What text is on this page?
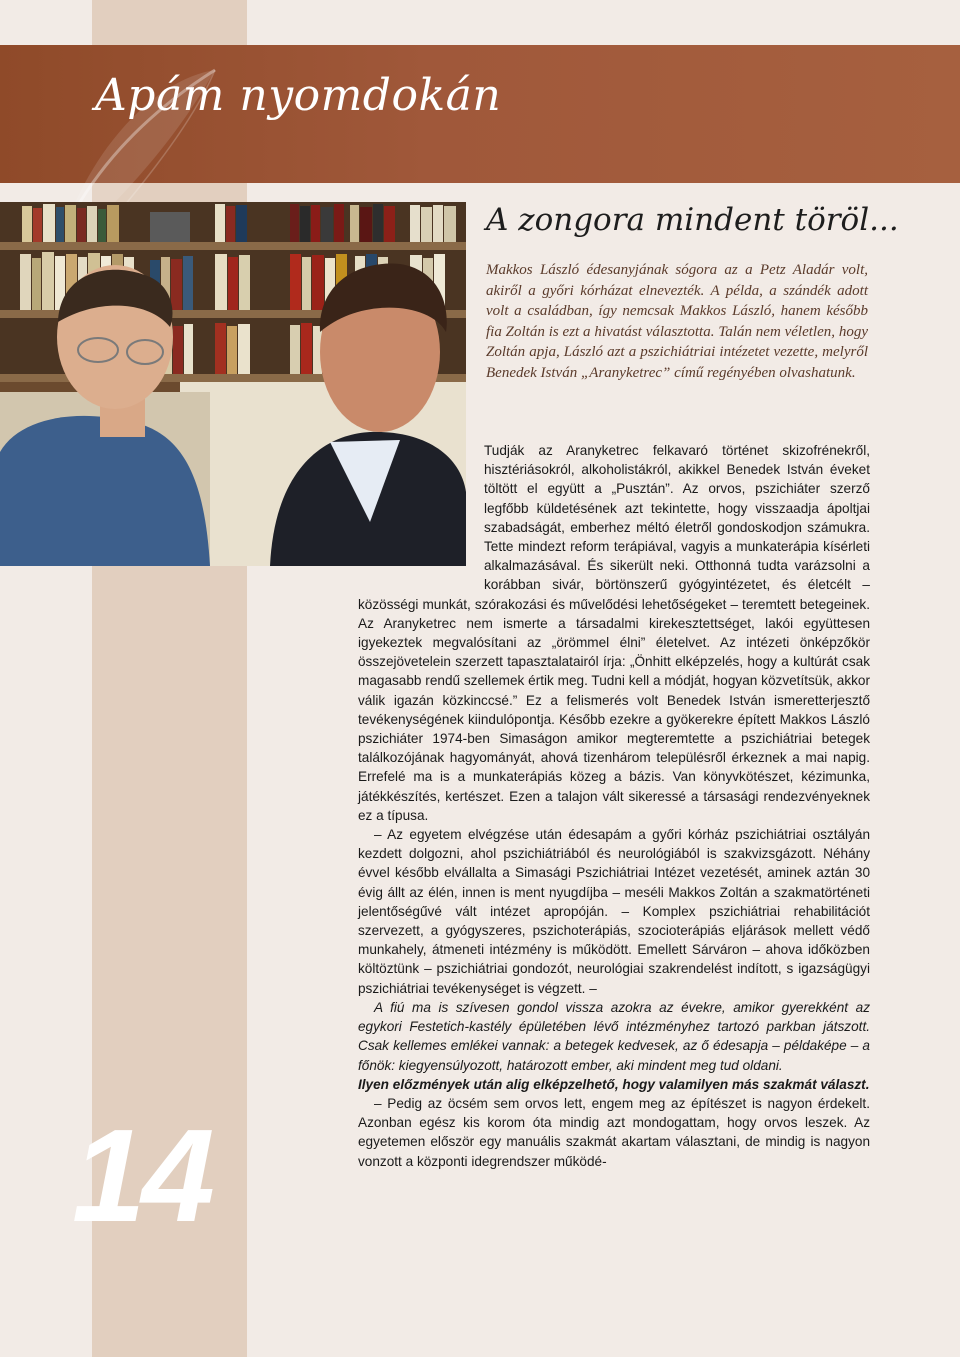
Apám nyomdokán
A zongora mindent töröl...

Makkos László édesanyjának sógora az a Petz Aladár volt, akiről a győri kórházat elnevezték. A példa, a szándék adott volt a családban, így nemcsak Makkos László, hanem később fia Zoltán is ezt a hivatást választotta. Talán nem véletlen, hogy Zoltán apja, László azt a pszichiátriai intézetet vezette, melyről Benedek István „Aranyketrec” című regényében olvashatunk.

Tudják az Aranyketrec felkavaró történet skizofrénekről, hisztériásokról, alkoholistákról, akikkel Benedek István éveket töltött el együtt a „Pusztán”. Az orvos, pszichiáter szerző legfőbb küldetésének azt tekintette, hogy visszaadja ápoltjai szabadságát, emberhez méltó életről gondoskodjon számukra. Tette mindezt reform terápiával, vagyis a munkaterápia kísérleti alkalmazásával. És sikerült neki. Otthonná tudta varázsolni a korábban sivár, börtönszerű gyógyintézetet, és életcélt – közösségi munkát, szórakozási és művelődési lehetőségeket – teremtett betegeinek. Az Aranyketrec nem ismerte a társadalmi kirekesztettséget, lakói együttesen igyekeztek megvalósítani az „örömmel élni” életelvet. Az intézeti önképzőkör összejövetelein szerzett tapasztalatairól írja: „Önhitt elképzelés, hogy a kultúrát csak magasabb rendű szellemek értik meg. Tudni kell a módját, hogyan közvetítsük, akkor válik igazán közkinccsé.” Ez a felismerés volt Benedek István ismeretterjesztő tevékenységének kiindulópontja. Később ezekre a gyökerekre épített Makkos László pszichiáter 1974-ben Simaságon amikor megteremtette a pszichiátriai betegek találkozójának hagyományát, ahová tizenhárom településről érkeznek a mai napig. Errefelé ma is a munkaterápiás közeg a bázis. Van könyvkötészet, kézimunka, játékkészítés, kertészet. Ezen a talajon vált sikeressé a társasági rendezvényeknek ez a típusa.

– Az egyetem elvégzése után édesapám a győri kórház pszichiátriai osztályán kezdett dolgozni, ahol pszichiátriából és neurológiából is szakvizsgázott. Néhány évvel később elvállalta a Simasági Pszichiátriai Intézet vezetését, aminek aztán 30 évig állt az élén, innen is ment nyugdíjba – meséli Makkos Zoltán a szakmatörténeti jelentőségűvé vált intézet apropóján. – Komplex pszichiátriai rehabilitációt szervezett, a gyógyszeres, pszichoterápiás, szocioterápiás eljárások mellett védő munkahely, átmeneti intézmény is működött. Emellett Sárváron – ahova időközben költöztünk – pszichiátriai gondozót, neurológiai szakrendelést indított, s igazságügyi pszichiátriai tevékenységet is végzett. –

A fiú ma is szívesen gondol vissza azokra az évekre, amikor gyerekként az egykori Festetich-kastély épületében lévő intézményhez tartozó parkban játszott. Csak kellemes emlékei vannak: a betegek kedvesek, az ő édesapja – példaképe – a főnök: kiegyensúlyozott, határozott ember, aki mindent meg tud oldani.

Ilyen előzmények után alig elképzelhető, hogy valamilyen más szakmát választ.

– Pedig az öcsém sem orvos lett, engem meg az építészet is nagyon érdekelt. Azonban egész kis korom óta mindig azt mondogattam, hogy orvos leszek. Az egyetemen először egy manuális szakmát akartam választani, de mindig is nagyon vonzott a központi idegrendszer működé-

14
